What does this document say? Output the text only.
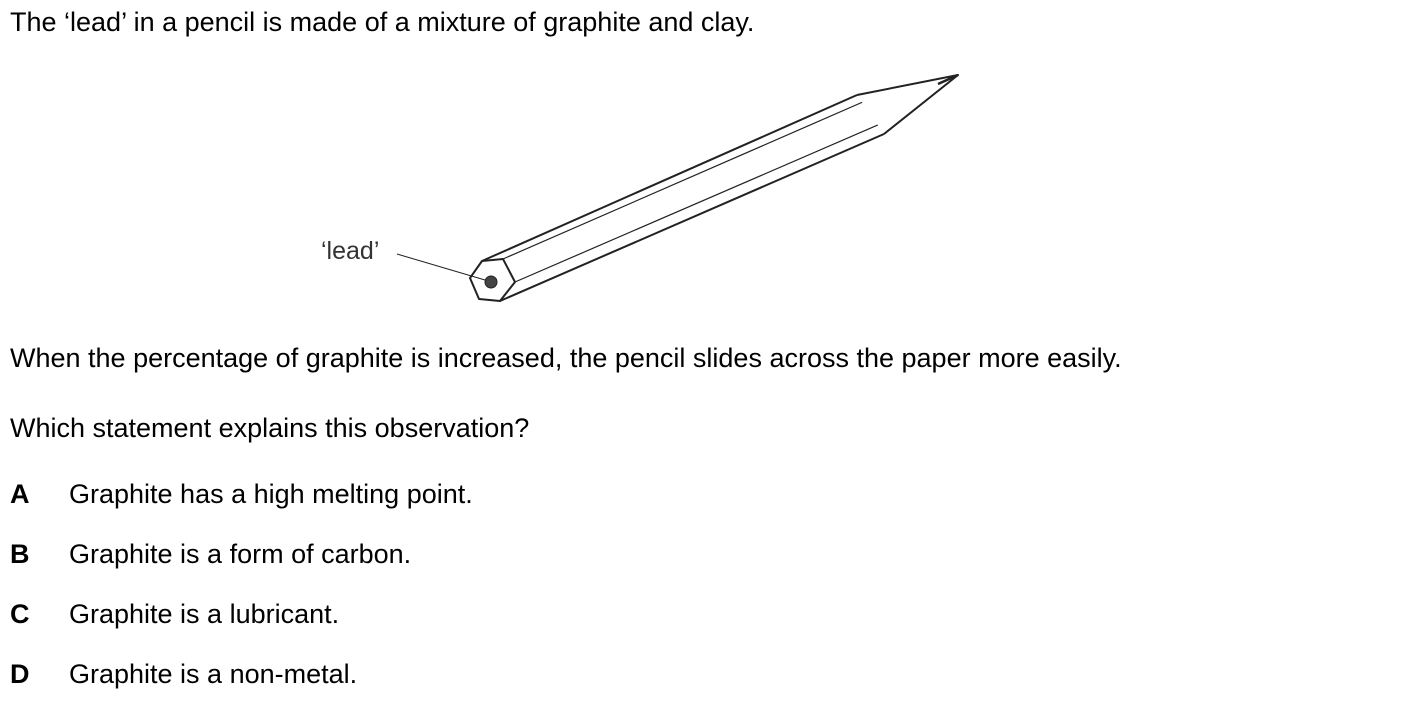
The ‘lead’ in a pencil is made of a mixture of graphite and clay.
‘lead’
When the percentage of graphite is increased, the pencil slides across the paper more easily.
Which statement explains this observation?
A Graphite has a high melting point.
B Graphite is a form of carbon.
C Graphite is a lubricant.
D Graphite is a non-metal.
